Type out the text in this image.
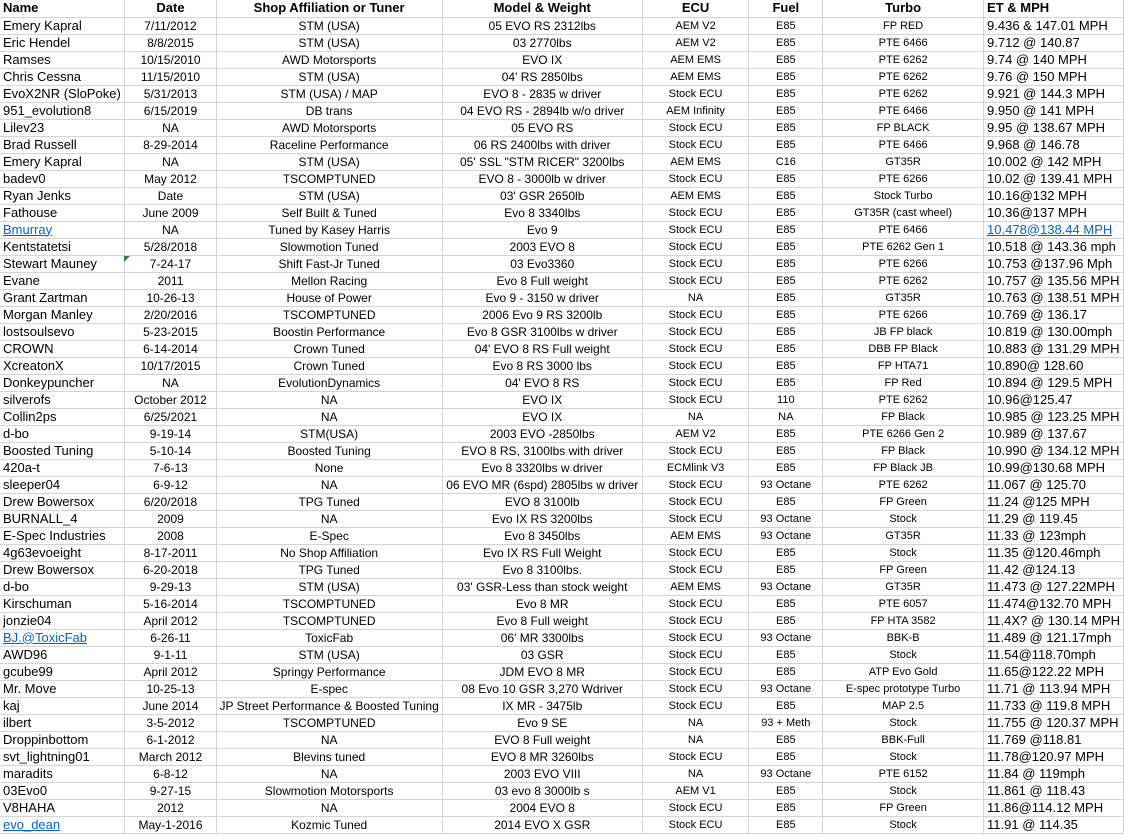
Name	Date	Shop Affiliation or Tuner	Model & Weight	ECU	Fuel	Turbo	ET & MPH
Emery Kapral	7/11/2012	STM (USA)	05 EVO RS 2312lbs	AEM V2	E85	FP RED	9.436 & 147.01 MPH
Eric Hendel	8/8/2015	STM (USA)	03 2770lbs	AEM V2	E85	PTE 6466	9.712 @ 140.87
Ramses	10/15/2010	AWD Motorsports	EVO IX	AEM EMS	E85	PTE 6262	9.74 @ 140 MPH
Chris Cessna	11/15/2010	STM (USA)	04' RS 2850lbs	AEM EMS	E85	PTE 6262	9.76 @ 150 MPH
EvoX2NR (SloPoke)	5/31/2013	STM (USA) / MAP	EVO 8 - 2835 w driver	Stock ECU	E85	PTE 6262	9.921 @ 144.3 MPH
951_evolution8	6/15/2019	DB trans	04 EVO RS - 2894lb w/o driver	AEM Infinity	E85	PTE 6466	9.950 @ 141 MPH
Lilev23	NA	AWD Motorsports	05 EVO RS	Stock ECU	E85	FP BLACK	9.95 @ 138.67 MPH
Brad Russell	8-29-2014	Raceline Performance	06 RS 2400lbs with driver	Stock ECU	E85	PTE 6466	9.968 @ 146.78
Emery Kapral	NA	STM (USA)	05' SSL "STM RICER" 3200lbs	AEM EMS	C16	GT35R	10.002 @ 142 MPH
badev0	May 2012	TSCOMPTUNED	EVO 8 - 3000lb w driver	Stock ECU	E85	PTE 6266	10.02 @ 139.41 MPH
Ryan Jenks	Date	STM (USA)	03' GSR 2650lb	AEM EMS	E85	Stock Turbo	10.16@132 MPH
Fathouse	June 2009	Self Built & Tuned	Evo 8 3340lbs	Stock ECU	E85	GT35R (cast wheel)	10.36@137 MPH
Bmurray	NA	Tuned by Kasey Harris	Evo 9	Stock ECU	E85	PTE 6466	10.478@138.44 MPH
Kentstatetsi	5/28/2018	Slowmotion Tuned	2003 EVO 8	Stock ECU	E85	PTE 6262 Gen 1	10.518 @ 143.36 mph
Stewart Mauney	7-24-17	Shift Fast-Jr Tuned	03 Evo3360	Stock ECU	E85	PTE 6266	10.753 @137.96 Mph
Evane	2011	Mellon Racing	Evo 8 Full weight	Stock ECU	E85	PTE 6262	10.757 @ 135.56 MPH
Grant Zartman	10-26-13	House of Power	Evo 9 - 3150 w driver	NA	E85	GT35R	10.763 @ 138.51 MPH
Morgan Manley	2/20/2016	TSCOMPTUNED	2006 Evo 9 RS 3200lb	Stock ECU	E85	PTE 6266	10.769 @ 136.17
lostsoulsevo	5-23-2015	Boostin Performance	Evo 8 GSR 3100lbs w driver	Stock ECU	E85	JB FP black	10.819 @ 130.00mph
CROWN	6-14-2014	Crown Tuned	04' EVO 8 RS Full weight	Stock ECU	E85	DBB FP Black	10.883 @ 131.29 MPH
XcreatonX	10/17/2015	Crown Tuned	Evo 8 RS 3000 lbs	Stock ECU	E85	FP HTA71	10.890@ 128.60
Donkeypuncher	NA	EvolutionDynamics	04' EVO 8 RS	Stock ECU	E85	FP Red	10.894 @ 129.5 MPH
silverofs	October 2012	NA	EVO IX	Stock ECU	110	PTE 6262	10.96@125.47
Collin2ps	6/25/2021	NA	EVO IX	NA	NA	FP Black	10.985 @ 123.25 MPH
d-bo	9-19-14	STM(USA)	2003 EVO -2850lbs	AEM V2	E85	PTE 6266 Gen 2	10.989 @ 137.67
Boosted Tuning	5-10-14	Boosted Tuning	EVO 8 RS, 3100lbs with driver	Stock ECU	E85	FP Black	10.990 @ 134.12 MPH
420a-t	7-6-13	None	Evo 8 3320lbs w driver	ECMlink V3	E85	FP Black JB	10.99@130.68 MPH
sleeper04	6-9-12	NA	06 EVO MR (6spd) 2805lbs w driver	Stock ECU	93 Octane	PTE 6262	11.067 @ 125.70
Drew Bowersox	6/20/2018	TPG Tuned	EVO 8 3100lb	Stock ECU	E85	FP Green	11.24 @125 MPH
BURNALL_4	2009	NA	Evo IX RS 3200lbs	Stock ECU	93 Octane	Stock	11.29 @ 119.45
E-Spec Industries	2008	E-Spec	Evo 8 3450lbs	AEM EMS	93 Octane	GT35R	11.33 @ 123mph
4g63evoeight	8-17-2011	No Shop Affiliation	Evo IX RS Full Weight	Stock ECU	E85	Stock	11.35 @120.46mph
Drew Bowersox	6-20-2018	TPG Tuned	Evo 8 3100lbs.	Stock ECU	E85	FP Green	11.42 @124.13
d-bo	9-29-13	STM (USA)	03' GSR-Less than stock weight	AEM EMS	93 Octane	GT35R	11.473 @ 127.22MPH
Kirschuman	5-16-2014	TSCOMPTUNED	Evo 8 MR	Stock ECU	E85	PTE 6057	11.474@132.70 MPH
jonzie04	April 2012	TSCOMPTUNED	Evo 8 Full weight	Stock ECU	E85	FP HTA 3582	11.4X? @ 130.14 MPH
BJ.@ToxicFab	6-26-11	ToxicFab	06' MR 3300lbs	Stock ECU	93 Octane	BBK-B	11.489 @ 121.17mph
AWD96	9-1-11	STM (USA)	03 GSR	Stock ECU	E85	Stock	11.54@118.70mph
gcube99	April 2012	Springy Performance	JDM EVO 8 MR	Stock ECU	E85	ATP Evo Gold	11.65@122.22 MPH
Mr. Move	10-25-13	E-spec	08 Evo 10 GSR 3,270 Wdriver	Stock ECU	93 Octane	E-spec prototype Turbo	11.71 @ 113.94 MPH
kaj	June 2014	JP Street Performance & Boosted Tuning	IX MR - 3475lb	Stock ECU	E85	MAP 2.5	11.733 @ 119.8 MPH
ilbert	3-5-2012	TSCOMPTUNED	Evo 9 SE	NA	93 + Meth	Stock	11.755 @ 120.37 MPH
Droppinbottom	6-1-2012	NA	EVO 8 Full weight	NA	E85	BBK-Full	11.769 @118.81
svt_lightning01	March 2012	Blevins tuned	EVO 8 MR 3260lbs	Stock ECU	E85	Stock	11.78@120.97 MPH
maradits	6-8-12	NA	2003 EVO VIII	NA	93 Octane	PTE 6152	11.84 @ 119mph
03Evo0	9-27-15	Slowmotion Motorsports	03 evo 8 3000lb s	AEM V1	E85	Stock	11.861 @ 118.43
V8HAHA	2012	NA	2004 EVO 8	Stock ECU	E85	FP Green	11.86@114.12 MPH
evo_dean	May-1-2016	Kozmic Tuned	2014 EVO X GSR	Stock ECU	E85	Stock	11.91 @ 114.35
